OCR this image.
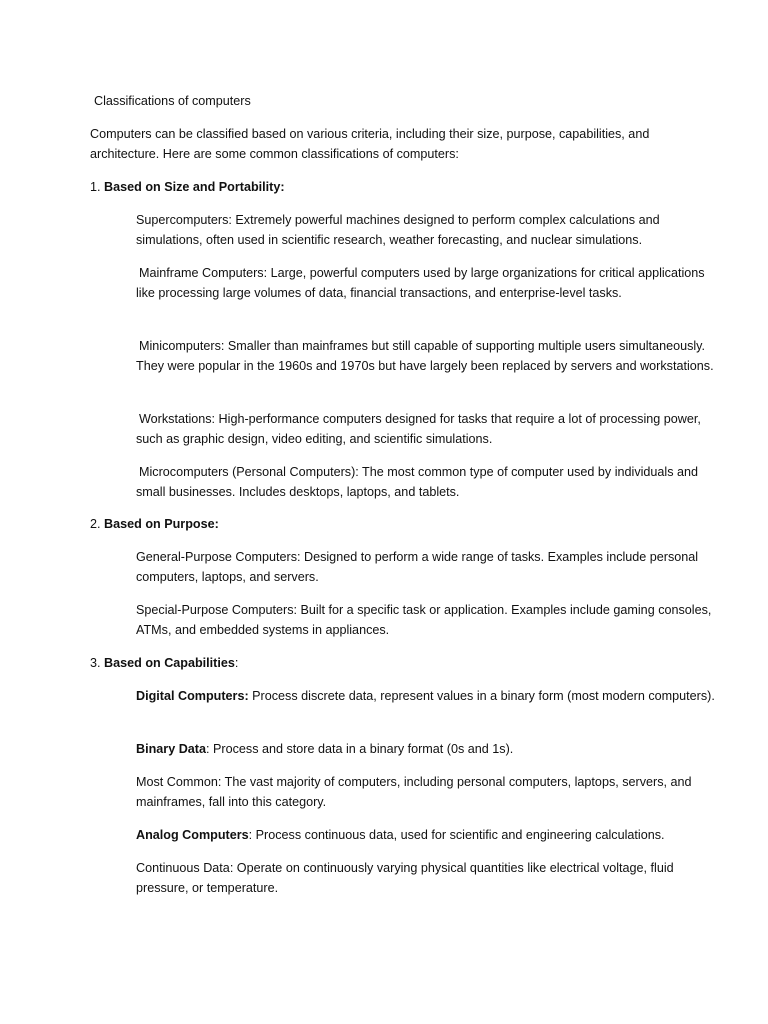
Classifications of computers
Computers can be classified based on various criteria, including their size, purpose, capabilities, and architecture. Here are some common classifications of computers:
1. Based on Size and Portability:
Supercomputers: Extremely powerful machines designed to perform complex calculations and simulations, often used in scientific research, weather forecasting, and nuclear simulations.
Mainframe Computers: Large, powerful computers used by large organizations for critical applications like processing large volumes of data, financial transactions, and enterprise-level tasks.
Minicomputers: Smaller than mainframes but still capable of supporting multiple users simultaneously. They were popular in the 1960s and 1970s but have largely been replaced by servers and workstations.
Workstations: High-performance computers designed for tasks that require a lot of processing power, such as graphic design, video editing, and scientific simulations.
Microcomputers (Personal Computers): The most common type of computer used by individuals and small businesses. Includes desktops, laptops, and tablets.
2. Based on Purpose:
General-Purpose Computers: Designed to perform a wide range of tasks. Examples include personal computers, laptops, and servers.
Special-Purpose Computers: Built for a specific task or application. Examples include gaming consoles, ATMs, and embedded systems in appliances.
3. Based on Capabilities:
Digital Computers: Process discrete data, represent values in a binary form (most modern computers).
Binary Data: Process and store data in a binary format (0s and 1s).
Most Common: The vast majority of computers, including personal computers, laptops, servers, and mainframes, fall into this category.
Analog Computers: Process continuous data, used for scientific and engineering calculations.
Continuous Data: Operate on continuously varying physical quantities like electrical voltage, fluid pressure, or temperature.
